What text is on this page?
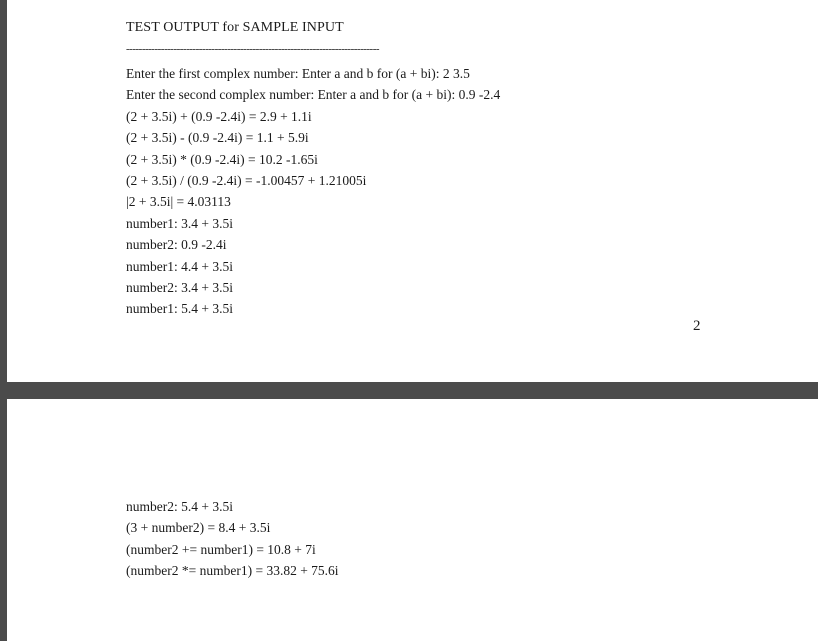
TEST OUTPUT for SAMPLE INPUT
--------------------------------------------------------------------------------
Enter the first complex number: Enter a and b for (a + bi): 2 3.5
Enter the second complex number: Enter a and b for (a + bi): 0.9 -2.4
(2 + 3.5i) + (0.9 -2.4i) = 2.9 + 1.1i
(2 + 3.5i) - (0.9 -2.4i) = 1.1 + 5.9i
(2 + 3.5i) * (0.9 -2.4i) = 10.2 -1.65i
(2 + 3.5i) / (0.9 -2.4i) = -1.00457 + 1.21005i
|2 + 3.5i| = 4.03113
number1: 3.4 + 3.5i
number2: 0.9 -2.4i
number1: 4.4 + 3.5i
number2: 3.4 + 3.5i
number1: 5.4 + 3.5i
2
number2: 5.4 + 3.5i
(3 + number2) = 8.4 + 3.5i
(number2 += number1) = 10.8 + 7i
(number2 *= number1) = 33.82 + 75.6i
